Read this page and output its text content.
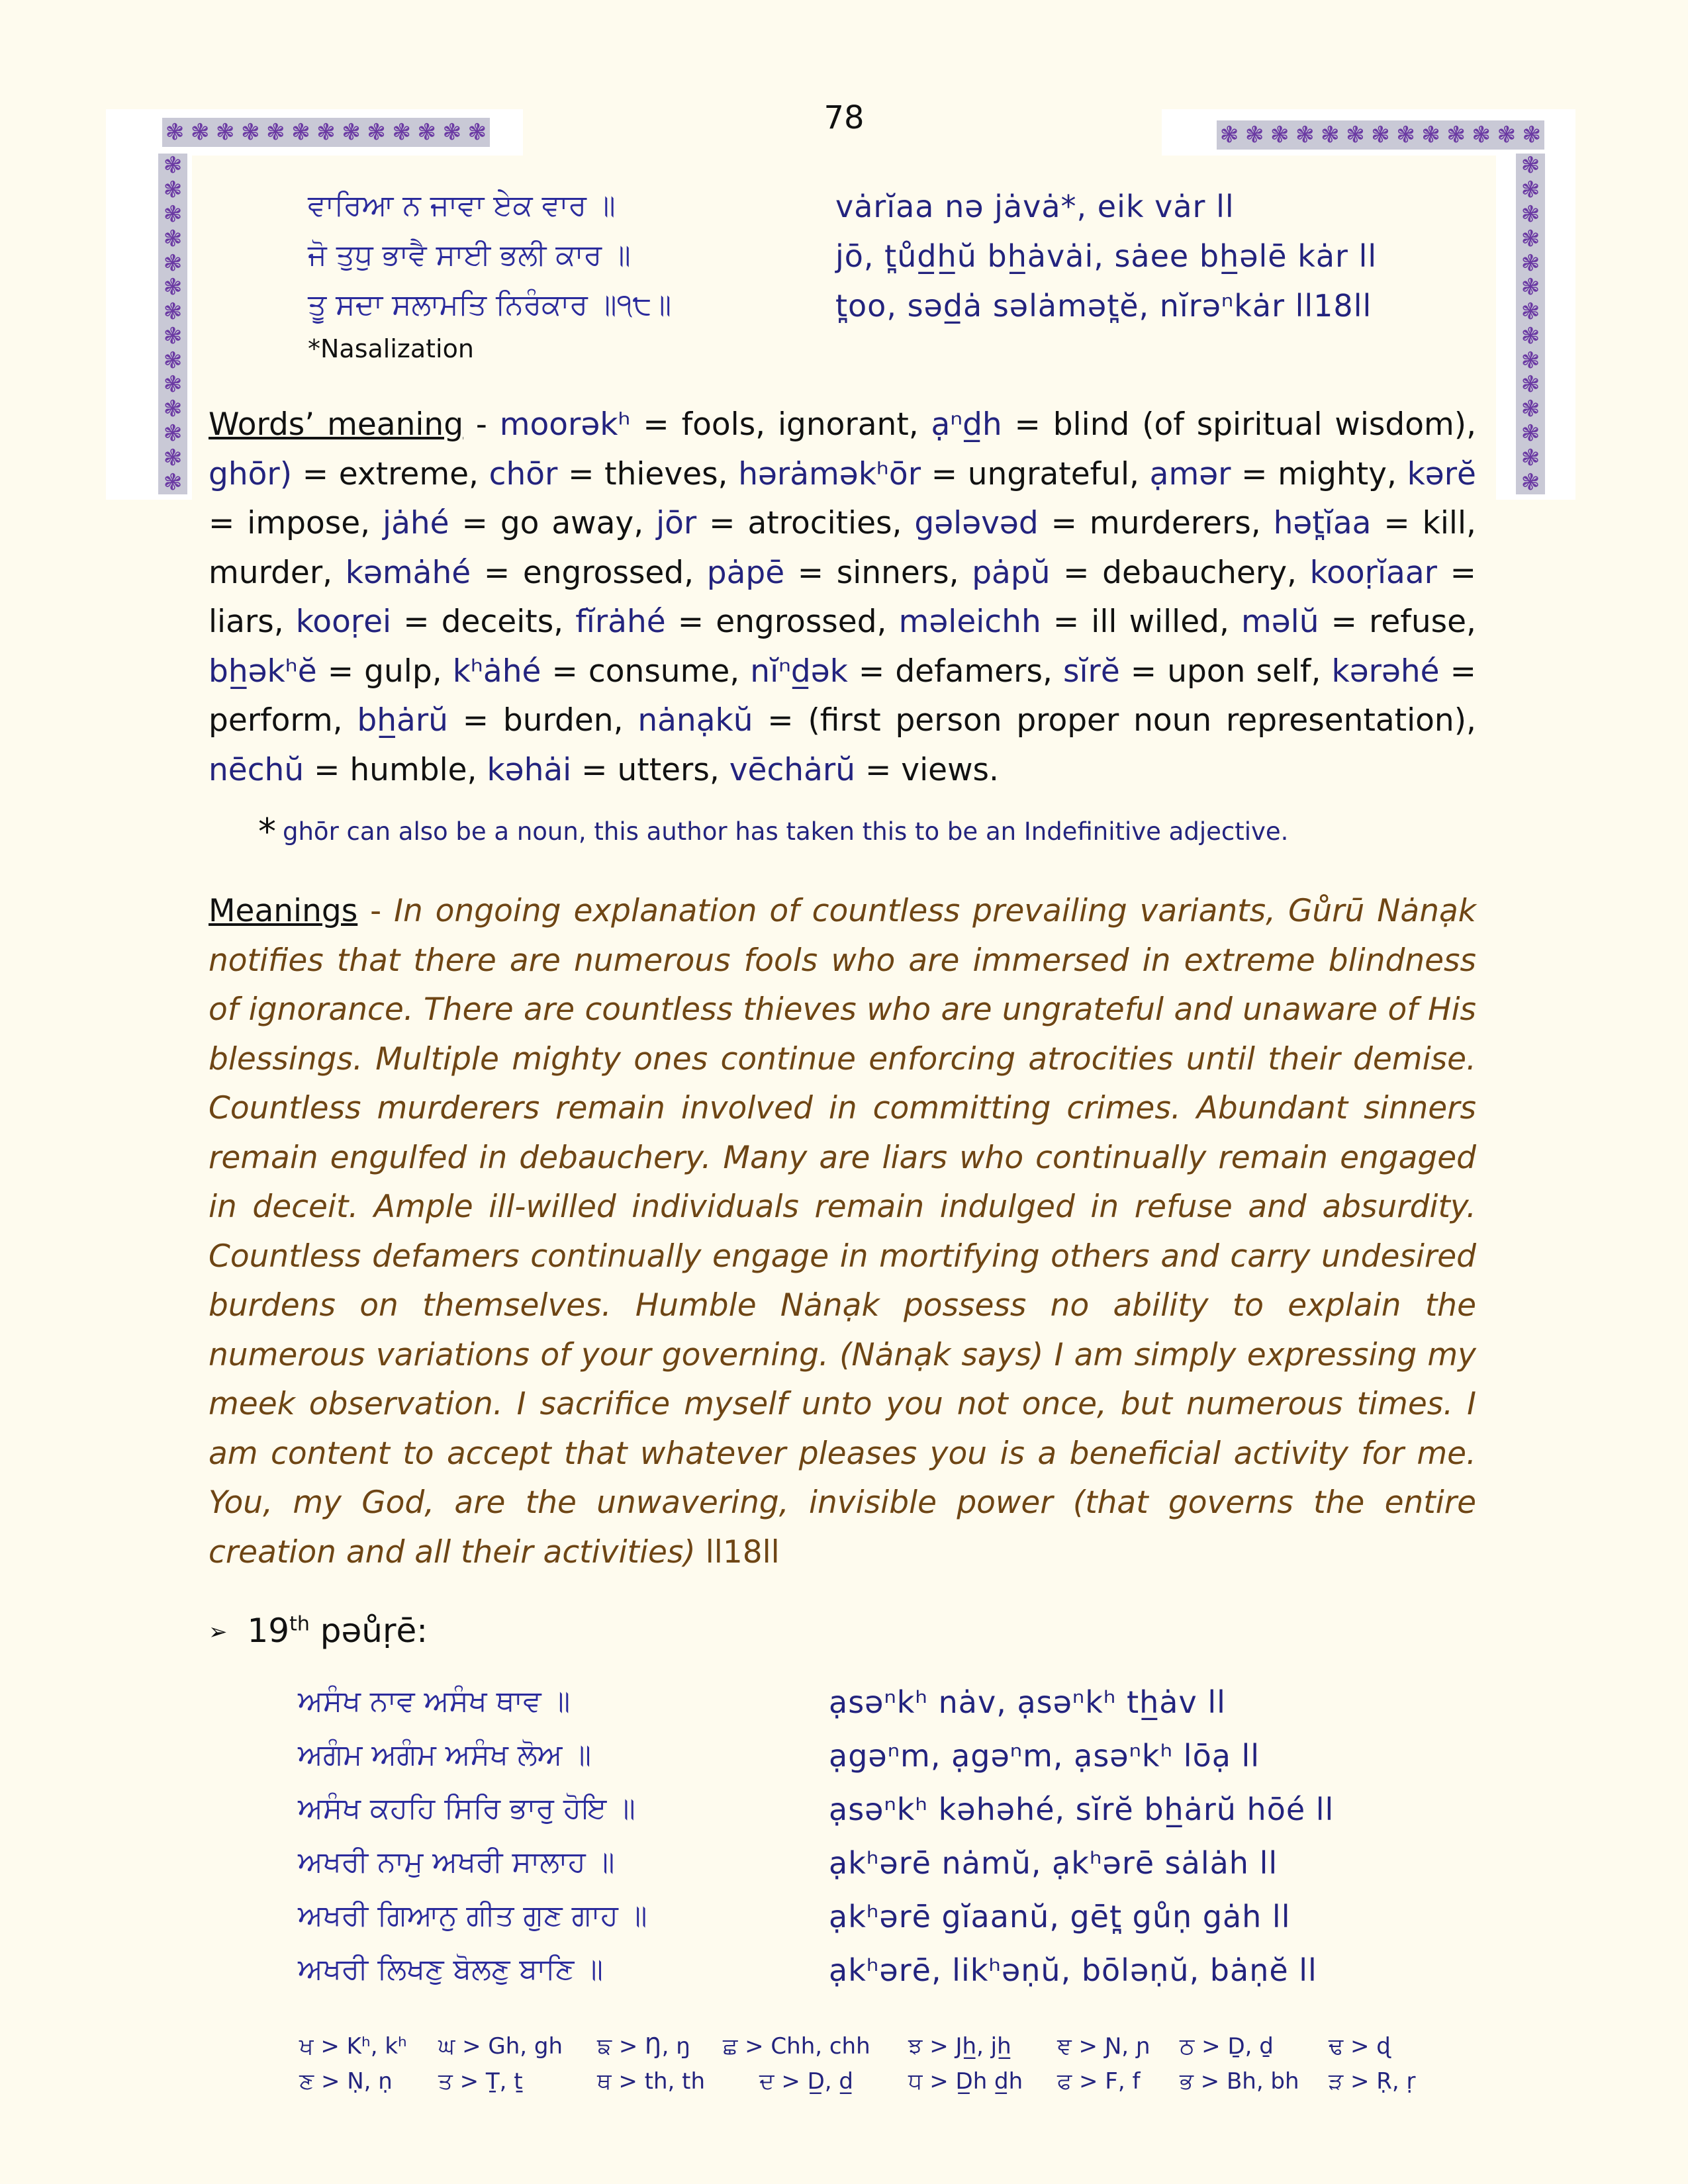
78
❃ ❃ ❃ ❃ ❃ ❃ ❃ ❃ ❃ ❃ ❃ ❃ ❃	❃ ❃ ❃ ❃ ❃ ❃ ❃ ❃ ❃ ❃ ❃ ❃ ❃
❃
❃
❃
❃
❃
❃
❃
❃
❃
❃
❃
❃
❃
❃
❃
❃
❃
❃
❃
❃
❃
❃
❃
❃
❃
❃
❃
❃
ਵਾਰਿਆ ਨ ਜਾਵਾ ਏਕ ਵਾਰ ॥	vȧrĭaa nə jȧvȧ*, eik vȧr ll
ਜੋ ਤੁਧੁ ਭਾਵੈ ਸਾਈ ਭਲੀ ਕਾਰ ॥	jō, t̪ůd̲h̲ŭ bh̲ȧvȧi, sȧee bh̲əlē kȧr ll
ਤੂ ਸਦਾ ਸਲਾਮਤਿ ਨਿਰੰਕਾਰ ॥੧੮॥	t̪oo, səd̲ȧ səlȧmət̪ĕ, nĭrəⁿkȧr ll18ll
*Nasalization
Words’ meaning - moorəkʰ = fools, ignorant, ạⁿd̲h = blind (of spiritual wisdom), ghōr) = extreme, chōr = thieves, hərȧməkʰōr = ungrateful, ạmər = mighty, kərĕ = impose, jȧhé = go away, jōr = atrocities, gələvəd = murderers, hət̪ĭaa = kill, murder, kəmȧhé = engrossed, pȧpē = sinners, pȧpŭ = debauchery, kooṛĭaar = liars, kooṛei = deceits, fĭrȧhé = engrossed, məleichh = ill willed, məlŭ = refuse, bh̲əkʰĕ = gulp, kʰȧhé = consume, nĭⁿd̲ək = defamers, sĭrĕ = upon self, kərəhé = perform, bh̲ȧrŭ = burden, nȧnạkŭ = (first person proper noun representation), nēchŭ = humble, kəhȧi = utters, vēchȧrŭ = views.
* ghōr can also be a noun, this author has taken this to be an Indefinitive adjective.
Meanings - In ongoing explanation of countless prevailing variants, Gůrū Nȧnạk notifies that there are numerous fools who are immersed in extreme blindness of ignorance. There are countless thieves who are ungrateful and unaware of His blessings. Multiple mighty ones continue enforcing atrocities until their demise. Countless murderers remain involved in committing crimes. Abundant sinners remain engulfed in debauchery. Many are liars who continually remain engaged in deceit. Ample ill-willed individuals remain indulged in refuse and absurdity. Countless defamers continually engage in mortifying others and carry undesired burdens on themselves. Humble Nȧnạk possess no ability to explain the numerous variations of your governing. (Nȧnạk says) I am simply expressing my meek observation. I sacrifice myself unto you not once, but numerous times. I am content to accept that whatever pleases you is a beneficial activity for me. You, my God, are the unwavering, invisible power (that governs the entire creation and all their activities) ll18ll
➢ 19th pəůṛē:
ਅਸੰਖ ਨਾਵ ਅਸੰਖ ਥਾਵ ॥	ạsəⁿkʰ nȧv, ạsəⁿkʰ th̲ȧv ll
ਅਗੰਮ ਅਗੰਮ ਅਸੰਖ ਲੋਅ ॥	ạgəⁿm, ạgəⁿm, ạsəⁿkʰ lōạ ll
ਅਸੰਖ ਕਹਹਿ ਸਿਰਿ ਭਾਰੁ ਹੋਇ ॥	ạsəⁿkʰ kəhəhé, sĭrĕ bh̲ȧrŭ hōé ll
ਅਖਰੀ ਨਾਮੁ ਅਖਰੀ ਸਾਲਾਹ ॥	ạkʰərē nȧmŭ, ạkʰərē sȧlȧh ll
ਅਖਰੀ ਗਿਆਨੁ ਗੀਤ ਗੁਣ ਗਾਹ ॥	ạkʰərē gĭaanŭ, gēt̪ gůṇ gȧh ll
ਅਖਰੀ ਲਿਖਣੁ ਬੋਲਣੁ ਬਾਣਿ ॥	ạkʰərē, likʰəṇŭ, bōləṇŭ, bȧṇĕ ll
ਖ > Kʰ, kʰ ਘ > Gh, gh ਙ > Ŋ, ŋ ਛ > Chh, chh ਝ > Jh̲, jh̲ ਞ > Ɲ, ɲ ਠ > Ḏ, ḏ ਢ > ɖ
ਣ > Ṇ, ṇ ਤ > Ṯ, ṯ	ਥ > th, th ਦ > D̲, d̲ ਧ > D̲h d̲h ਫ > F, f ਭ > Bh, bh ੜ > Ṛ, ṛ
